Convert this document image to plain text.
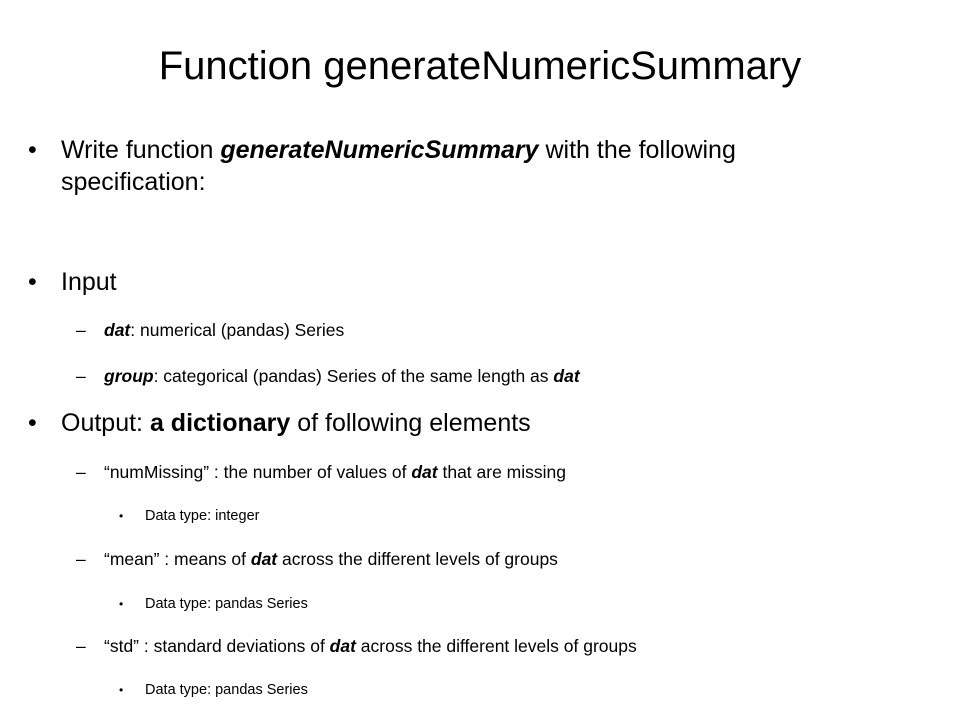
Function generateNumericSummary
• Write function generateNumericSummary with the following
specification:
• Input
– dat: numerical (pandas) Series
– group: categorical (pandas) Series of the same length as dat
• Output: a dictionary of following elements
– “numMissing” : the number of values of dat that are missing
• Data type: integer
– “mean” : means of dat across the different levels of groups
• Data type: pandas Series
– “std” : standard deviations of dat across the different levels of groups
• Data type: pandas Series
